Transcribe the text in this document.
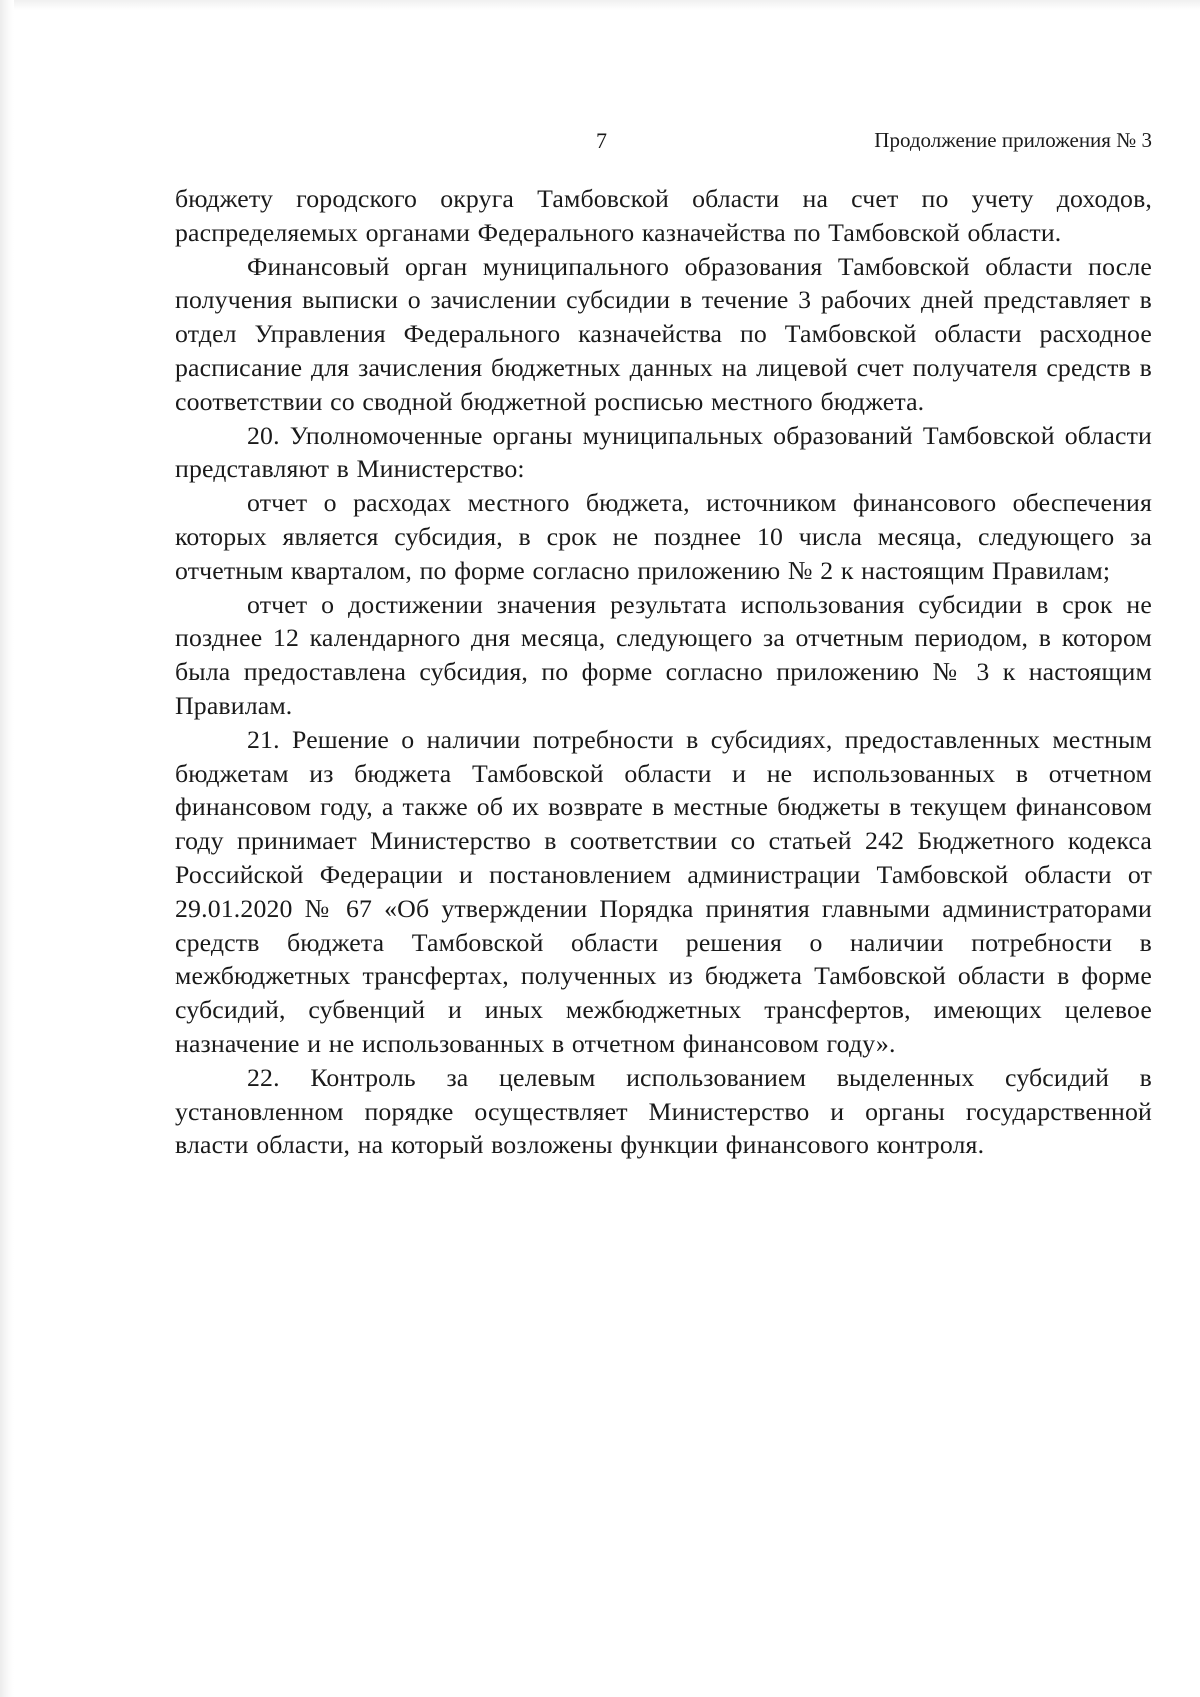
7	Продолжение приложения № 3

бюджету городского округа Тамбовской области на счет по учету доходов, распределяемых органами Федерального казначейства по Тамбовской области.

Финансовый орган муниципального образования Тамбовской области после получения выписки о зачислении субсидии в течение 3 рабочих дней представляет в отдел Управления Федерального казначейства по Тамбовской области расходное расписание для зачисления бюджетных данных на лицевой счет получателя средств в соответствии со сводной бюджетной росписью местного бюджета.

20. Уполномоченные органы муниципальных образований Тамбовской области представляют в Министерство:

отчет о расходах местного бюджета, источником финансового обеспечения которых является субсидия, в срок не позднее 10 числа месяца, следующего за отчетным кварталом, по форме согласно приложению № 2 к настоящим Правилам;

отчет о достижении значения результата использования субсидии в срок не позднее 12 календарного дня месяца, следующего за отчетным периодом, в котором была предоставлена субсидия, по форме согласно приложению № 3 к настоящим Правилам.

21. Решение о наличии потребности в субсидиях, предоставленных местным бюджетам из бюджета Тамбовской области и не использованных в отчетном финансовом году, а также об их возврате в местные бюджеты в текущем финансовом году принимает Министерство в соответствии со статьей 242 Бюджетного кодекса Российской Федерации и постановлением администрации Тамбовской области от 29.01.2020 № 67 «Об утверждении Порядка принятия главными администраторами средств бюджета Тамбовской области решения о наличии потребности в межбюджетных трансфертах, полученных из бюджета Тамбовской области в форме субсидий, субвенций и иных межбюджетных трансфертов, имеющих целевое назначение и не использованных в отчетном финансовом году».

22. Контроль за целевым использованием выделенных субсидий в установленном порядке осуществляет Министерство и органы государственной власти области, на который возложены функции финансового контроля.
